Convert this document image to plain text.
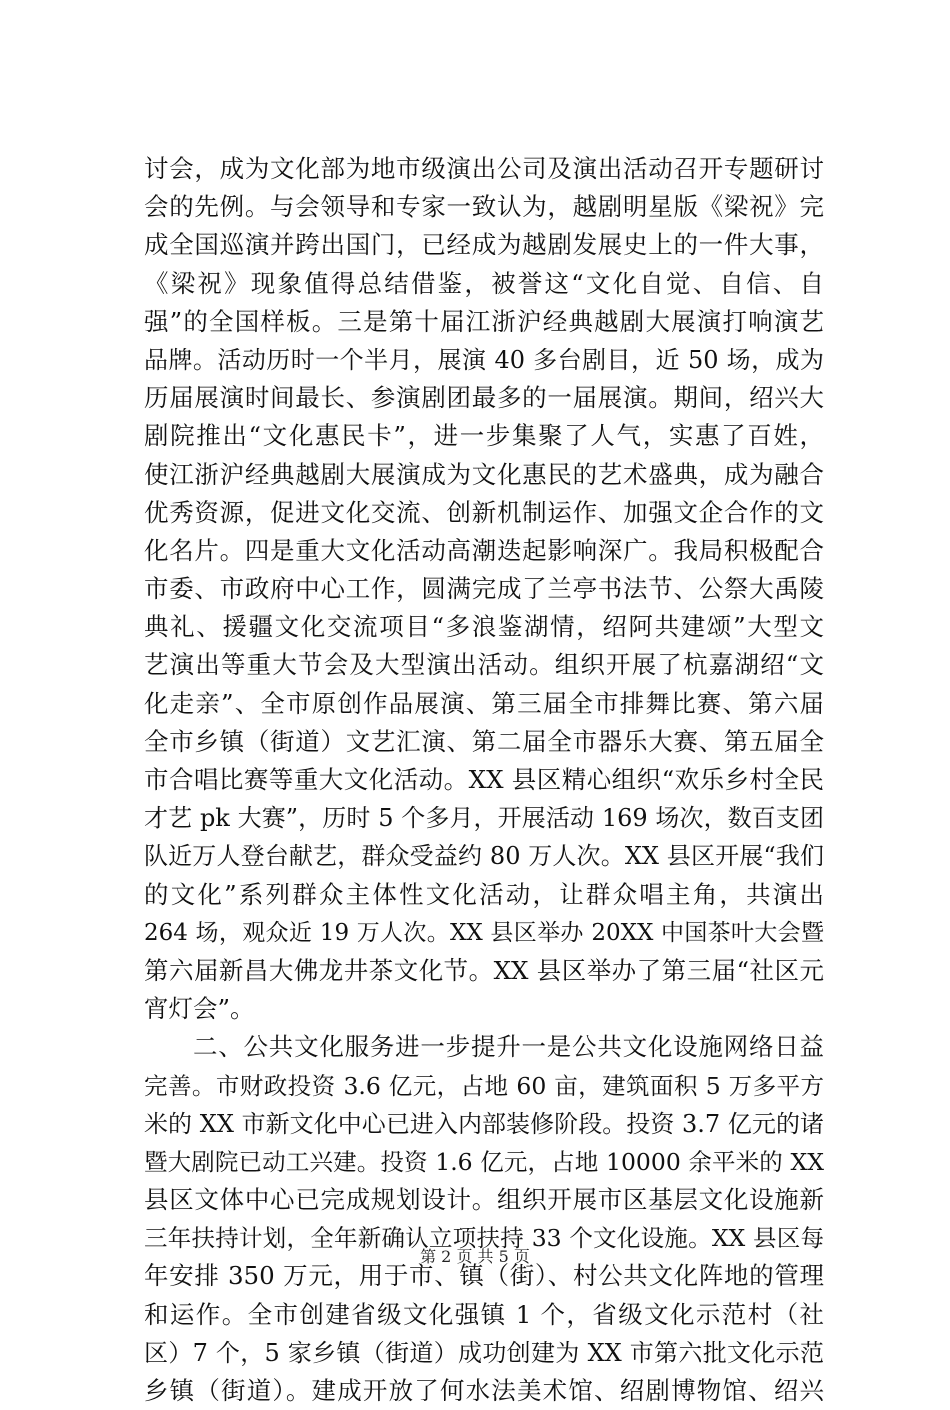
讨会，成为文化部为地市级演出公司及演出活动召开专题研讨
会的先例。与会领导和专家一致认为，越剧明星版《梁祝》完
成全国巡演并跨出国门，已经成为越剧发展史上的一件大事，
《梁祝》现象值得总结借鉴，被誉这“文化自觉、自信、自
强”的全国样板。三是第十届江浙沪经典越剧大展演打响演艺
品牌。活动历时一个半月，展演 40 多台剧目，近 50 场，成为
历届展演时间最长、参演剧团最多的一届展演。期间，绍兴大
剧院推出“文化惠民卡”，进一步集聚了人气，实惠了百姓，
使江浙沪经典越剧大展演成为文化惠民的艺术盛典，成为融合
优秀资源，促进文化交流、创新机制运作、加强文企合作的文
化名片。四是重大文化活动高潮迭起影响深广。我局积极配合
市委、市政府中心工作，圆满完成了兰亭书法节、公祭大禹陵
典礼、援疆文化交流项目“多浪鉴湖情，绍阿共建颂”大型文
艺演出等重大节会及大型演出活动。组织开展了杭嘉湖绍“文
化走亲”、全市原创作品展演、第三届全市排舞比赛、第六届
全市乡镇（街道）文艺汇演、第二届全市器乐大赛、第五届全
市合唱比赛等重大文化活动。XX 县区精心组织“欢乐乡村全民
才艺 pk 大赛”，历时 5 个多月，开展活动 169 场次，数百支团
队近万人登台献艺，群众受益约 80 万人次。XX 县区开展“我们
的文化”系列群众主体性文化活动，让群众唱主角，共演出
264 场，观众近 19 万人次。XX 县区举办 20XX 中国茶叶大会暨
第六届新昌大佛龙井茶文化节。XX 县区举办了第三届“社区元
宵灯会”。
二、公共文化服务进一步提升一是公共文化设施网络日益
完善。市财政投资 3.6 亿元，占地 60 亩，建筑面积 5 万多平方
米的 XX 市新文化中心已进入内部装修阶段。投资 3.7 亿元的诸
暨大剧院已动工兴建。投资 1.6 亿元，占地 10000 余平米的 XX
县区文体中心已完成规划设计。组织开展市区基层文化设施新
三年扶持计划，全年新确认立项扶持 33 个文化设施。XX 县区每
年安排 350 万元，用于市、镇（街）、村公共文化阵地的管理
和运作。全市创建省级文化强镇 1 个，省级文化示范村（社
区）7 个，5 家乡镇（街道）成功创建为 XX 市第六批文化示范
乡镇（街道）。建成开放了何水法美术馆、绍剧博物馆、绍兴
第 2 页 共 5 页
